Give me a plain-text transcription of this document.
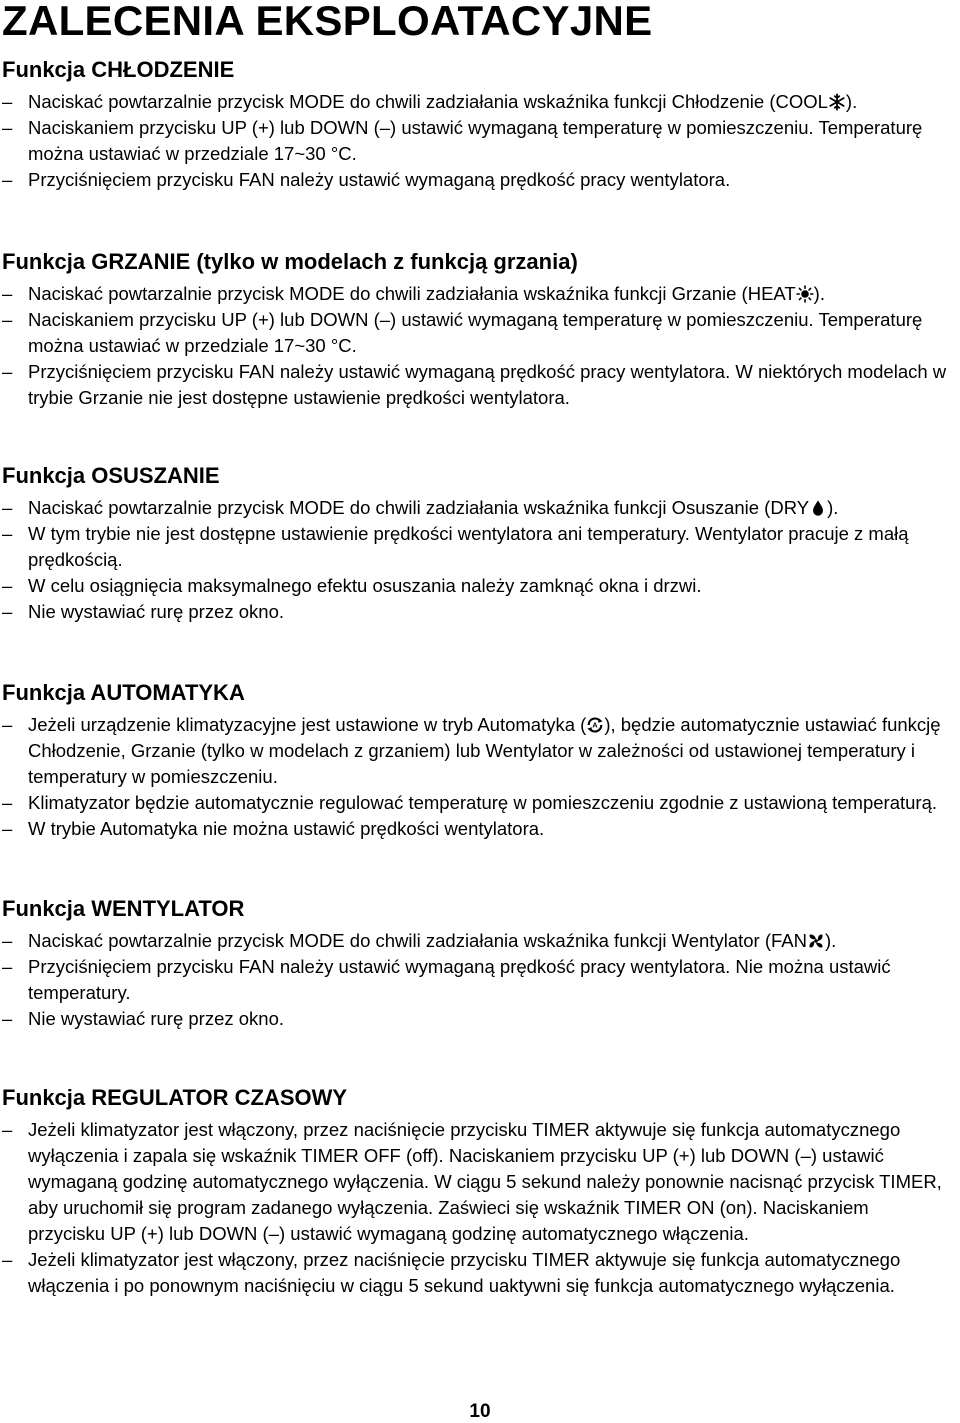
ZALECENIA EKSPLOATACYJNE
Funkcja CHŁODZENIE
– Naciskać powtarzalnie przycisk MODE do chwili zadziałania wskaźnika funkcji Chłodzenie (COOL ).
– Naciskaniem przycisku UP (+) lub DOWN (‒) ustawić wymaganą temperaturę w pomieszczeniu. Temperaturę można ustawiać w przedziale 17~30 °C.
– Przyciśnięciem przycisku FAN należy ustawić wymaganą prędkość pracy wentylatora.
Funkcja GRZANIE (tylko w modelach z funkcją grzania)
– Naciskać powtarzalnie przycisk MODE do chwili zadziałania wskaźnika funkcji Grzanie (HEAT ).
– Naciskaniem przycisku UP (+) lub DOWN (‒) ustawić wymaganą temperaturę w pomieszczeniu. Temperaturę można ustawiać w przedziale 17~30 °C.
– Przyciśnięciem przycisku FAN należy ustawić wymaganą prędkość pracy wentylatora. W niektórych modelach w trybie Grzanie nie jest dostępne ustawienie prędkości wentylatora.
Funkcja OSUSZANIE
– Naciskać powtarzalnie przycisk MODE do chwili zadziałania wskaźnika funkcji Osuszanie (DRY ).
– W tym trybie nie jest dostępne ustawienie prędkości wentylatora ani temperatury. Wentylator pracuje z małą prędkością.
– W celu osiągnięcia maksymalnego efektu osuszania należy zamknąć okna i drzwi.
– Nie wystawiać rurę przez okno.
Funkcja AUTOMATYKA
– Jeżeli urządzenie klimatyzacyjne jest ustawione w tryb Automatyka ( A ), będzie automatycznie ustawiać funkcję Chłodzenie, Grzanie (tylko w modelach z grzaniem) lub Wentylator w zależności od ustawionej temperatury i temperatury w pomieszczeniu.
– Klimatyzator będzie automatycznie regulować temperaturę w pomieszczeniu zgodnie z ustawioną temperaturą.
– W trybie Automatyka nie można ustawić prędkości wentylatora.
Funkcja WENTYLATOR
– Naciskać powtarzalnie przycisk MODE do chwili zadziałania wskaźnika funkcji Wentylator (FAN ).
– Przyciśnięciem przycisku FAN należy ustawić wymaganą prędkość pracy wentylatora. Nie można ustawić temperatury.
– Nie wystawiać rurę przez okno.
Funkcja REGULATOR CZASOWY
– Jeżeli klimatyzator jest włączony, przez naciśnięcie przycisku TIMER aktywuje się funkcja automatycznego wyłączenia i zapala się wskaźnik TIMER OFF (off). Naciskaniem przycisku UP (+) lub DOWN (‒) ustawić wymaganą godzinę automatycznego wyłączenia. W ciągu 5 sekund należy ponownie nacisnąć przycisk TIMER, aby uruchomił się program zadanego wyłączenia. Zaświeci się wskaźnik TIMER ON (on). Naciskaniem przycisku UP (+) lub DOWN (‒) ustawić wymaganą godzinę automatycznego włączenia.
– Jeżeli klimatyzator jest włączony, przez naciśnięcie przycisku TIMER aktywuje się funkcja automatycznego włączenia i po ponownym naciśnięciu w ciągu 5 sekund uaktywni się funkcja automatycznego wyłączenia.
10
